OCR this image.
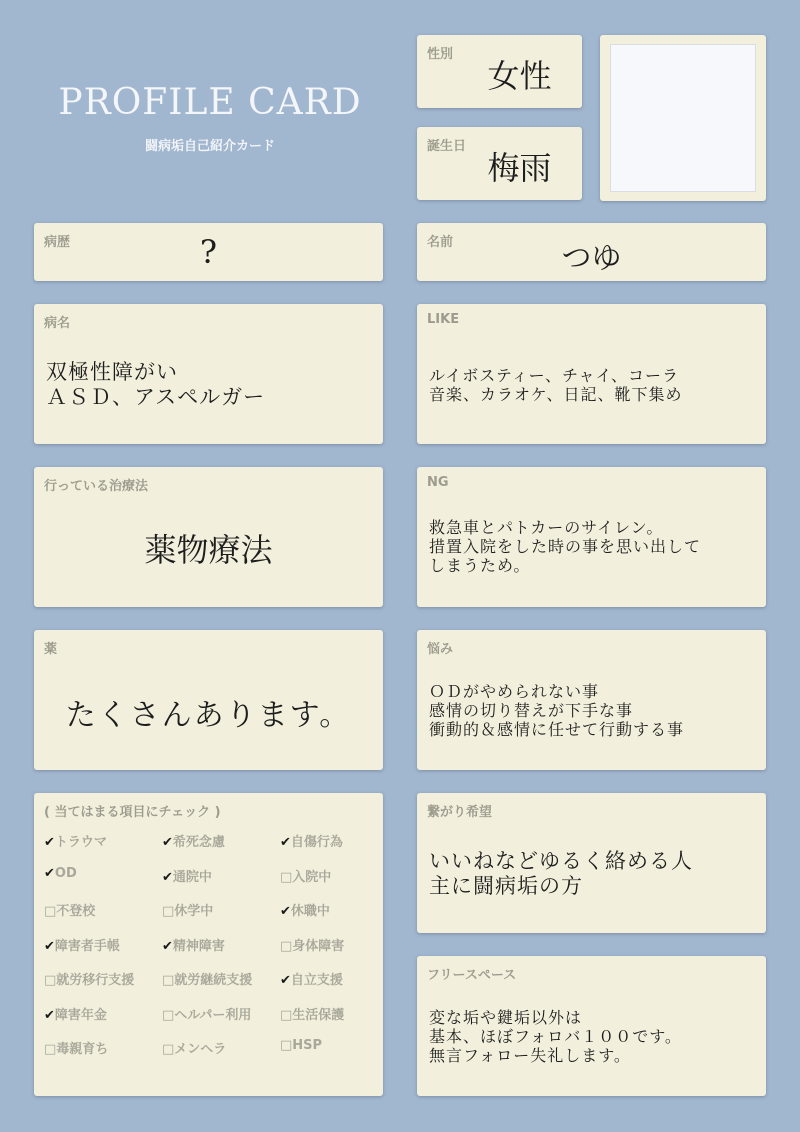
PROFILE CARD
闘病垢自己紹介カード
性別
女性
誕生日
梅雨
病歴	?	名前	つゆ
病名
双極性障がい
ＡＳＤ、アスペルガー
LIKE
ルイボスティー、チャイ、コーラ
音楽、カラオケ、日記、靴下集め
行っている治療法
薬物療法
NG
救急車とパトカーのサイレン。
措置入院をした時の事を思い出して
しまうため。
薬
たくさんあります。
悩み
ＯＤがやめられない事
感情の切り替えが下手な事
衝動的＆感情に任せて行動する事
( 当てはまる項目にチェック )
✔トラウマ	✔希死念慮	✔自傷行為
✔OD	✔通院中	□入院中
□不登校	□休学中	✔休職中
✔障害者手帳	✔精神障害	□身体障害
□就労移行支援 □就労継続支援 ✔自立支援
✔障害年金	□ヘルパー利用 □生活保護
□毒親育ち	□メンヘラ	□HSP
繋がり希望
いいねなどゆるく絡める人
主に闘病垢の方
フリースペース
変な垢や鍵垢以外は
基本、ほぼフォロバ１００です。
無言フォロー失礼します。
